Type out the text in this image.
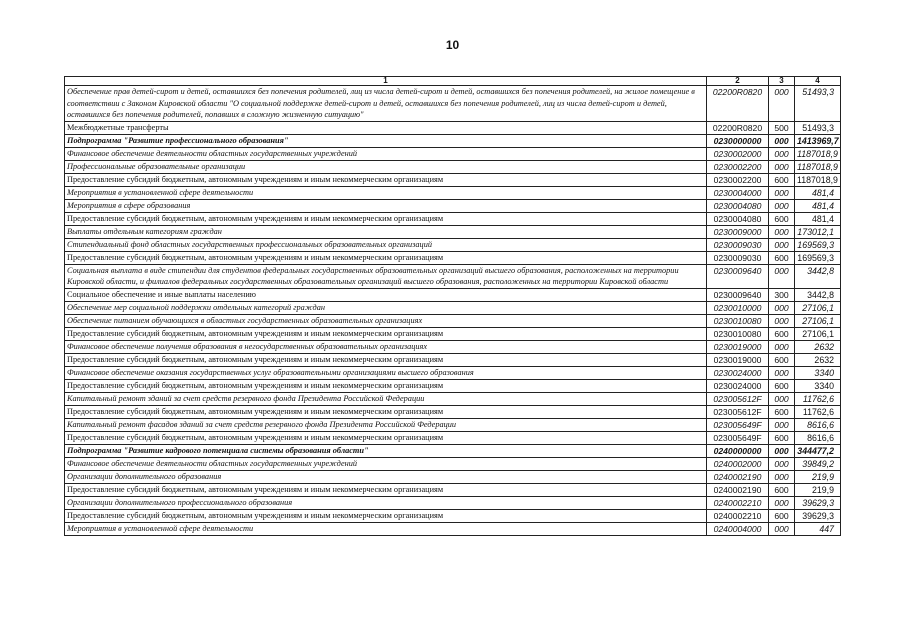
10
1	2	3	4
Обеспечение прав детей-сирот и детей, оставшихся без попечения родителей, лиц из числа детей-сирот и детей, оставшихся без попечения родителей, на жилое помещение в соответствии с Законом Кировской области "О социальной поддержке детей-сирот и детей, оставшихся без попечения родителей, лиц из числа детей-сирот и детей, оставшихся без попечения родителей, попавших в сложную жизненную ситуацию"	02200R0820	000	51493,3
Межбюджетные трансферты	02200R0820	500	51493,3
Подпрограмма "Развитие профессионального образования"	0230000000	000	1413969,7
Финансовое обеспечение деятельности областных государственных учреждений	0230002000	000	1187018,9
Профессиональные образовательные организации	0230002200	000	1187018,9
Предоставление субсидий бюджетным, автономным учреждениям и иным некоммерческим организациям	0230002200	600	1187018,9
Мероприятия в установленной сфере деятельности	0230004000	000	481,4
Мероприятия в сфере образования	0230004080	000	481,4
Предоставление субсидий бюджетным, автономным учреждениям и иным некоммерческим организациям	0230004080	600	481,4
Выплаты отдельным категориям граждан	0230009000	000	173012,1
Стипендиальный фонд областных государственных профессиональных образовательных организаций	0230009030	000	169569,3
Предоставление субсидий бюджетным, автономным учреждениям и иным некоммерческим организациям	0230009030	600	169569,3
Социальная выплата в виде стипендии для студентов федеральных государственных образовательных организаций высшего образования, расположенных на территории Кировской области, и филиалов федеральных государственных образовательных организаций высшего образования, расположенных на территории Кировской области	0230009640	000	3442,8
Социальное обеспечение и иные выплаты населению	0230009640	300	3442,8
Обеспечение мер социальной поддержки отдельных категорий граждан	0230010000	000	27106,1
Обеспечение питанием обучающихся в областных государственных образовательных организациях	0230010080	000	27106,1
Предоставление субсидий бюджетным, автономным учреждениям и иным некоммерческим организациям	0230010080	600	27106,1
Финансовое обеспечение получения образования в негосударственных образовательных организациях	0230019000	000	2632
Предоставление субсидий бюджетным, автономным учреждениям и иным некоммерческим организациям	0230019000	600	2632
Финансовое обеспечение оказания государственных услуг образовательными организациями высшего образования	0230024000	000	3340
Предоставление субсидий бюджетным, автономным учреждениям и иным некоммерческим организациям	0230024000	600	3340
Капитальный ремонт зданий за счет средств резервного фонда Президента Российской Федерации	023005612F	000	11762,6
Предоставление субсидий бюджетным, автономным учреждениям и иным некоммерческим организациям	023005612F	600	11762,6
Капитальный ремонт фасадов зданий за счет средств резервного фонда Президента Российской Федерации	023005649F	000	8616,6
Предоставление субсидий бюджетным, автономным учреждениям и иным некоммерческим организациям	023005649F	600	8616,6
Подпрограмма "Развитие кадрового потенциала системы образования области"	0240000000	000	344477,2
Финансовое обеспечение деятельности областных государственных учреждений	0240002000	000	39849,2
Организации дополнительного образования	0240002190	000	219,9
Предоставление субсидий бюджетным, автономным учреждениям и иным некоммерческим организациям	0240002190	600	219,9
Организации дополнительного профессионального образования	0240002210	000	39629,3
Предоставление субсидий бюджетным, автономным учреждениям и иным некоммерческим организациям	0240002210	600	39629,3
Мероприятия в установленной сфере деятельности	0240004000	000	447
